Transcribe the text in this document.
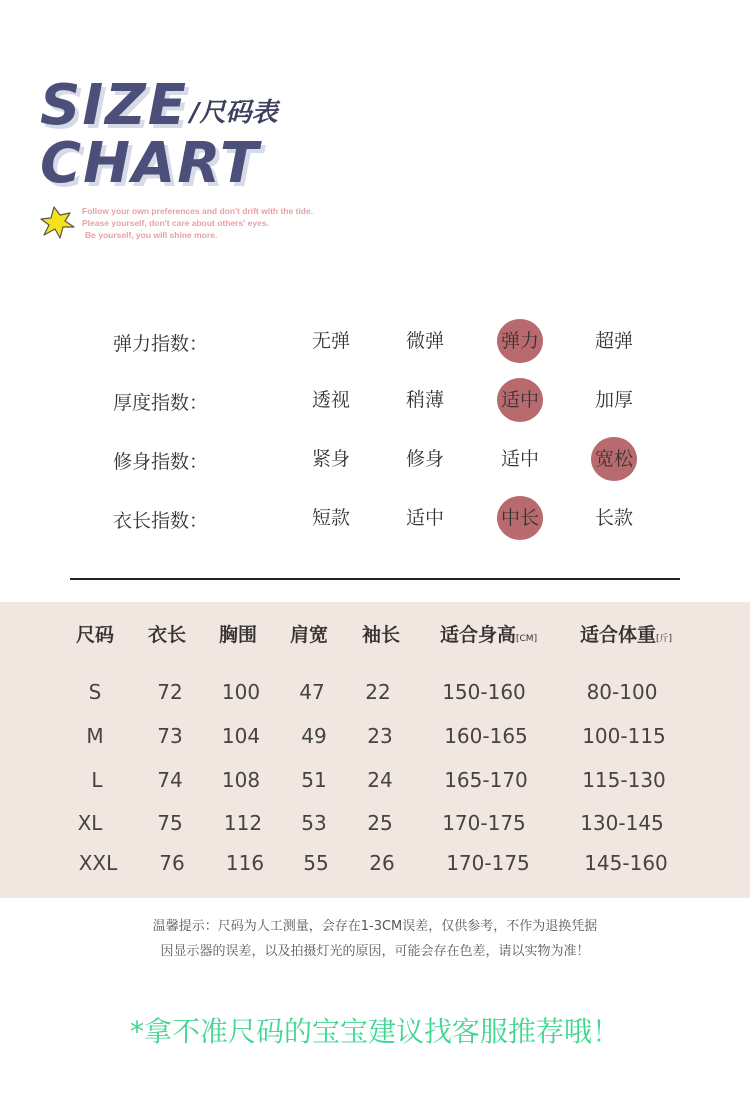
SIZE
CHART
/尺码表
Follow your own preferences and don't drift with the tide.
Please yourself, don't care about others' eyes.
Be yourself, you will shine more.
弹力指数：	无弹	微弹	弹力	超弹
厚度指数：	透视	稍薄	适中	加厚
修身指数：	紧身	修身	适中	宽松
衣长指数：	短款	适中	中长	长款
尺码 衣长 胸围 肩宽 袖长 适合身高[CM] 适合体重[斤]
S	72	100	47	22	150-160	80-100
M	73	104	49	23	160-165	100-115
L	74	108	51	24	165-170	115-130
XL	75	112	53	25	170-175	130-145
XXL	76	116	55	26	170-175	145-160
温馨提示：尺码为人工测量，会存在1-3CM误差，仅供参考，不作为退换凭据
因显示器的误差，以及拍摄灯光的原因，可能会存在色差，请以实物为准！
*拿不准尺码的宝宝建议找客服推荐哦！
